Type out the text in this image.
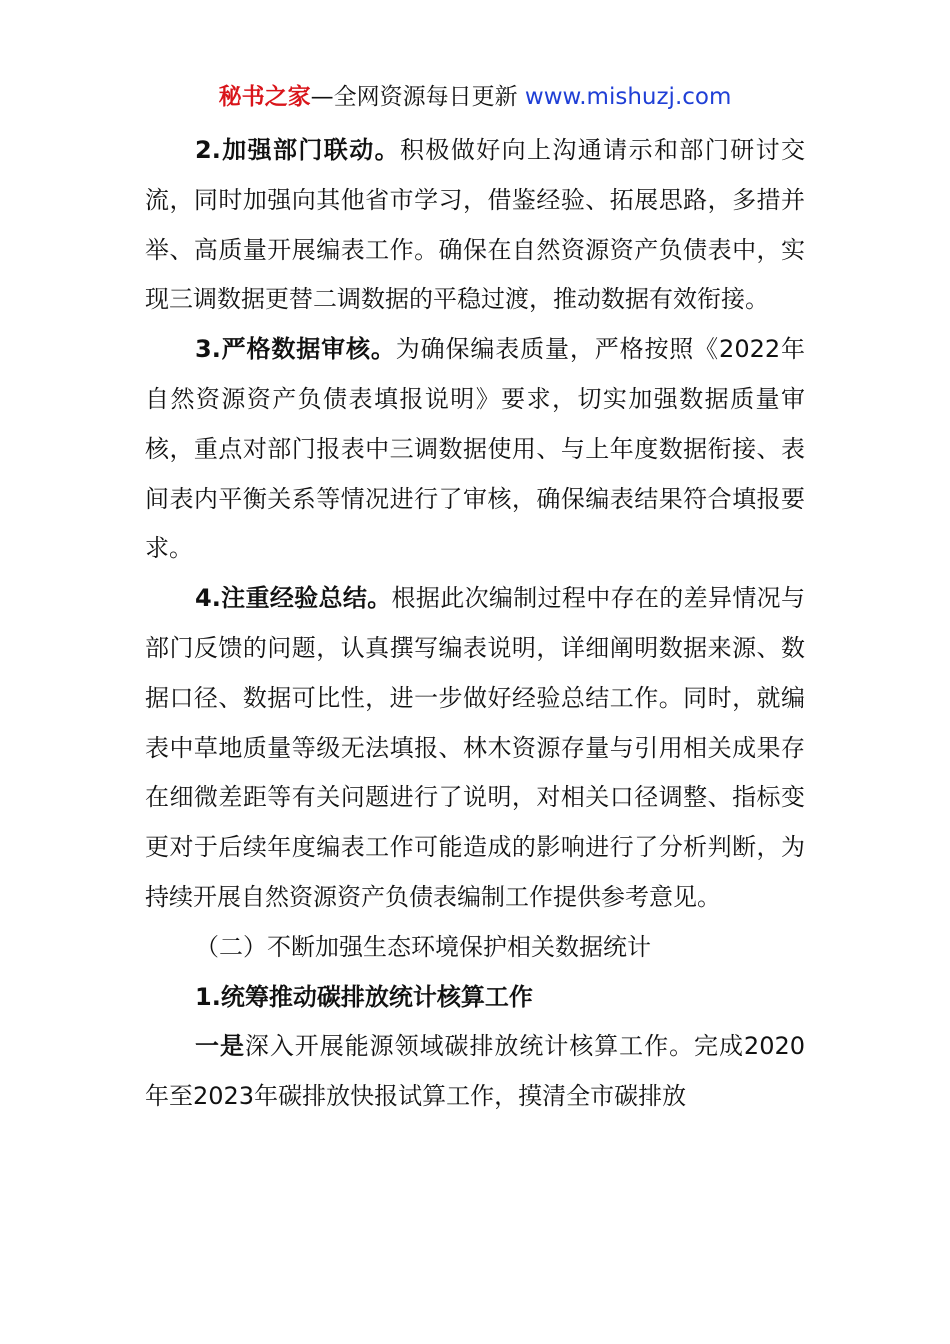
秘书之家—全网资源每日更新 www.mishuzj.com

2.加强部门联动。积极做好向上沟通请示和部门研讨交流，同时加强向其他省市学习，借鉴经验、拓展思路，多措并举、高质量开展编表工作。确保在自然资源资产负债表中，实现三调数据更替二调数据的平稳过渡，推动数据有效衔接。

3.严格数据审核。为确保编表质量，严格按照《2022年自然资源资产负债表填报说明》要求，切实加强数据质量审核，重点对部门报表中三调数据使用、与上年度数据衔接、表间表内平衡关系等情况进行了审核，确保编表结果符合填报要求。

4.注重经验总结。根据此次编制过程中存在的差异情况与部门反馈的问题，认真撰写编表说明，详细阐明数据来源、数据口径、数据可比性，进一步做好经验总结工作。同时，就编表中草地质量等级无法填报、林木资源存量与引用相关成果存在细微差距等有关问题进行了说明，对相关口径调整、指标变更对于后续年度编表工作可能造成的影响进行了分析判断，为持续开展自然资源资产负债表编制工作提供参考意见。

（二）不断加强生态环境保护相关数据统计

1.统筹推动碳排放统计核算工作

一是深入开展能源领域碳排放统计核算工作。完成2020年至2023年碳排放快报试算工作，摸清全市碳排放
